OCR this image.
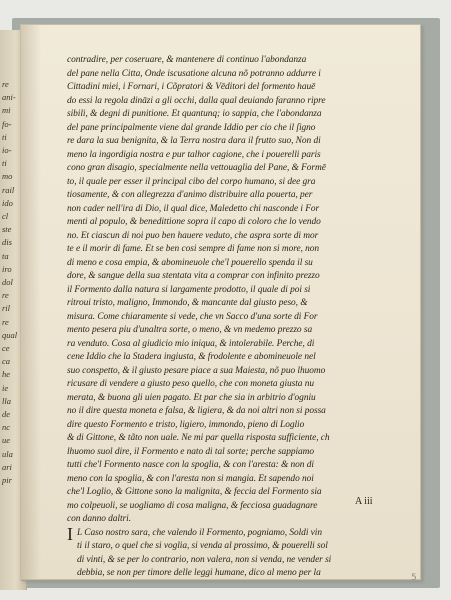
re
ani-
mi
fo-
ti
io-
ti
mo
rail
ido
cl
ste
dis
ta
iro
dol
re
ril
re
qual
ce
ca
he
ie
lla
de
nc
ue
ula
ari
pir
contradire, per coseruare, & mantenere di continuo l'abondanza
del pane nella Citta, Onde iscusatione alcuna nõ potranno addurre i
Cittadini miei, i Fornari, i Cõpratori & Vēditori del formento hauē
do essi la regola dināzi a gli occhi, dalla qual deuiando faranno ripre
sibili, & degni di punitione. Et quantunq; io sappia, che l'abondanza
del pane principalmente viene dal grande Iddio per cio che il ſigno
re dara la sua benignita, & la Terra nostra dara il frutto suo, Non di
meno la ingordigia nostra e pur talhor cagione, che i pouerelli paris
cono gran disagio, specialmente nella vettouaglia del Pane, & Formē
to, il quale per esser il principal cibo del corpo humano, si dee gra
tiosamente, & con allegrezza d'animo distribuire alla pouerta, per
non cader nell'ira di Dio, il qual dice, Maledetto chi nasconde i For
menti al populo, & benedittione sopra il capo di coloro che lo vendo
no. Et ciascun di noi puo ben hauere veduto, che aspra sorte di mor
te e il morir di fame. Et se ben cosi sempre di fame non si more, non
di meno e cosa empia, & abomineuole che'l pouerello spenda il su
dore, & sangue della sua stentata vita a comprar con infinito prezzo
il Formento dalla natura si largamente prodotto, il quale di poi si
ritroui tristo, maligno, Immondo, & mancante dal giusto peso, &
misura. Come chiaramente si vede, che vn Sacco d'una sorte di For
mento pesera piu d'unaltra sorte, o meno, & vn medemo prezzo sa
ra venduto. Cosa al giudicio mio iniqua, & intolerabile. Perche, di
cene Iddio che la Stadera ingiusta, & frodolente e abomineuole nel
suo conspetto, & il giusto pesare piace a sua Maiesta, nõ puo lhuomo
ricusare di vendere a giusto peso quello, che con moneta giusta nu
merata, & buona gli uien pagato. Et par che sia in arbitrio d'ogniu
no il dire questa moneta e falsa, & ligiera, & da noi altri non si possa
dire questo Formento e tristo, ligiero, immondo, pieno di Loglio
& di Gittone, & tãto non uale. Ne mi par quella risposta sufficiente, ch
lhuomo suol dire, il Formento e nato di tal sorte; perche sappiamo
tutti che'l Formento nasce con la spoglia, & con l'aresta: & non di
meno con la spoglia, & con l'aresta non si mangia. Et sapendo noi
che'l Loglio, & Gittone sono la malignita, & feccia del Formento sia
mo colpeuoli, se uogliamo di cosa maligna, & fecciosa guadagnare
con danno daltri.
I L Caso nostro sara, che valendo il Formento, pogniamo, Soldi vin
ti il staro, o quel che si voglia, si venda al prossimo, & pouerelli sol
di vinti, & se per lo contrario, non valera, non si venda, ne vender si
debbia, se non per timore delle leggi humane, dico al meno per la
A iii
5
